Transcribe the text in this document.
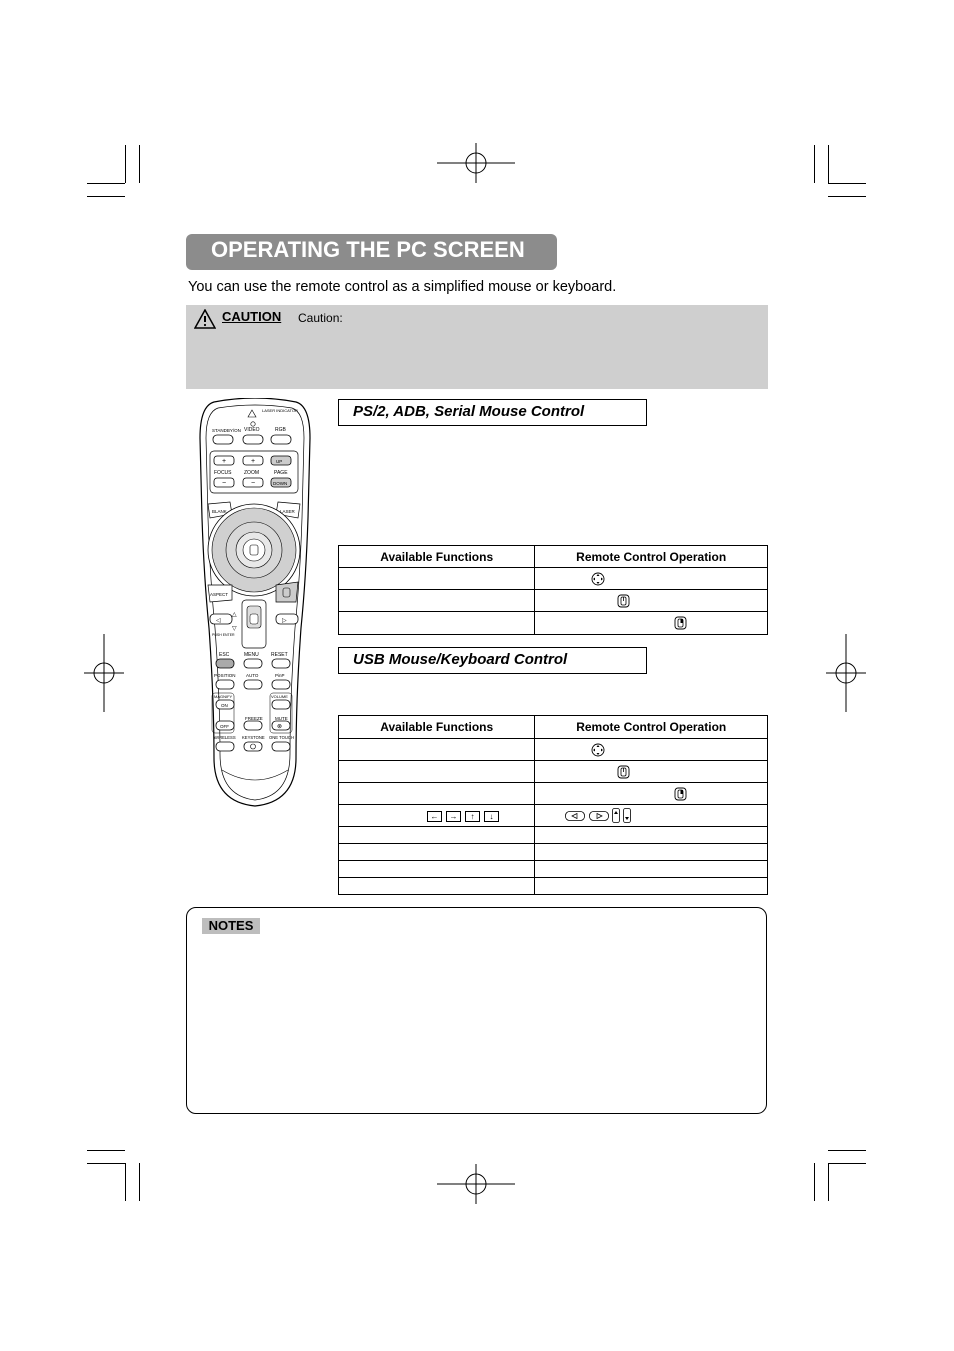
OPERATING THE PC SCREEN
You can use the remote control as a simplified mouse or keyboard.
CAUTION Caution:
LASER INDICATOR
STANDBY/ON VIDEO	RGB
+	+	UP
FOCUS	ZOOM	PAGE
−	−	DOWN
BLANK	LASER
ASPECT
◁	▷
△
▽
PUSH ENTER
ESC	MENU RESET
POSITION AUTO	PinP
MAGNIFY
ON
VOLUME
FREEZE	MUTE
OFF	⊗
WIRELESS KEYSTONE ONE TOUCH
PS/2, ADB, Serial Mouse Control
Available Functions	Remote Control Operation

USB Mouse/Keyboard Control
Available Functions	Remote Control Operation

← → ↑ ↓	

NOTES
